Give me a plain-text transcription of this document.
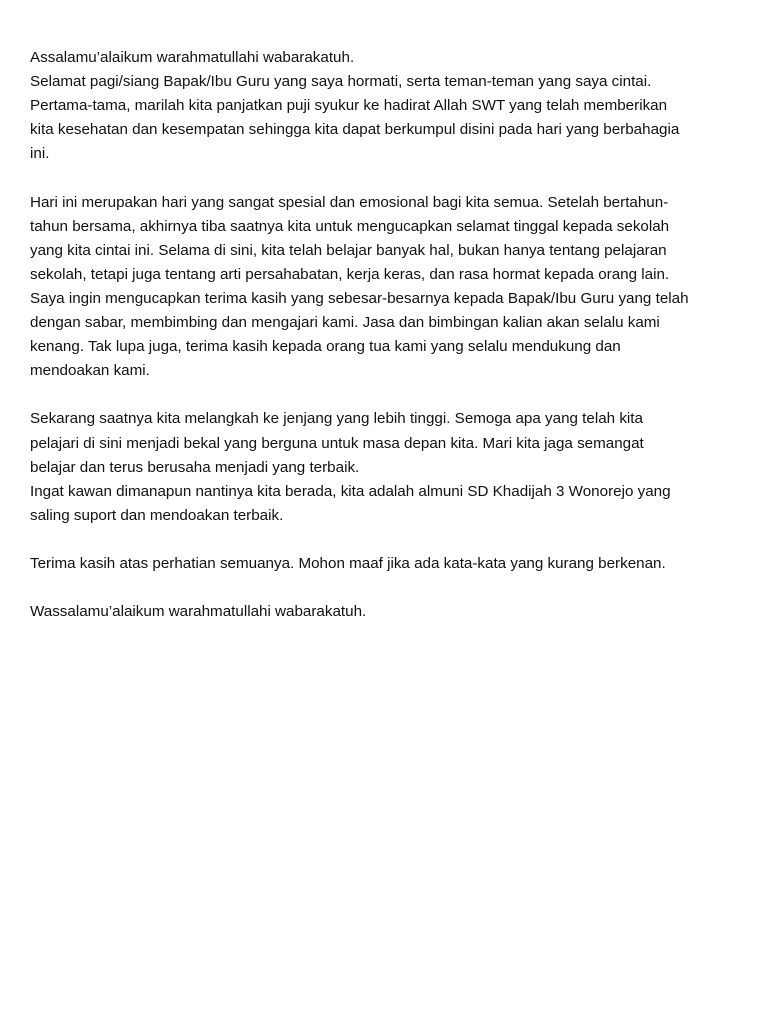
Assalamu’alaikum warahmatullahi wabarakatuh.
Selamat pagi/siang Bapak/Ibu Guru yang saya hormati, serta teman-teman yang saya cintai.
Pertama-tama, marilah kita panjatkan puji syukur ke hadirat Allah SWT yang telah memberikan
kita kesehatan dan kesempatan sehingga kita dapat berkumpul disini pada hari yang berbahagia
ini.

Hari ini merupakan hari yang sangat spesial dan emosional bagi kita semua. Setelah bertahun-
tahun bersama, akhirnya tiba saatnya kita untuk mengucapkan selamat tinggal kepada sekolah
yang kita cintai ini. Selama di sini, kita telah belajar banyak hal, bukan hanya tentang pelajaran
sekolah, tetapi juga tentang arti persahabatan, kerja keras, dan rasa hormat kepada orang lain.
Saya ingin mengucapkan terima kasih yang sebesar-besarnya kepada Bapak/Ibu Guru yang telah
dengan sabar, membimbing dan mengajari kami. Jasa dan bimbingan kalian akan selalu kami
kenang. Tak lupa juga, terima kasih kepada orang tua kami yang selalu mendukung dan
mendoakan kami.

Sekarang saatnya kita melangkah ke jenjang yang lebih tinggi. Semoga apa yang telah kita
pelajari di sini menjadi bekal yang berguna untuk masa depan kita. Mari kita jaga semangat
belajar dan terus berusaha menjadi yang terbaik.
Ingat kawan dimanapun nantinya kita berada, kita adalah almuni SD Khadijah 3 Wonorejo yang
saling suport dan mendoakan terbaik.

Terima kasih atas perhatian semuanya. Mohon maaf jika ada kata-kata yang kurang berkenan.

Wassalamu’alaikum warahmatullahi wabarakatuh.
